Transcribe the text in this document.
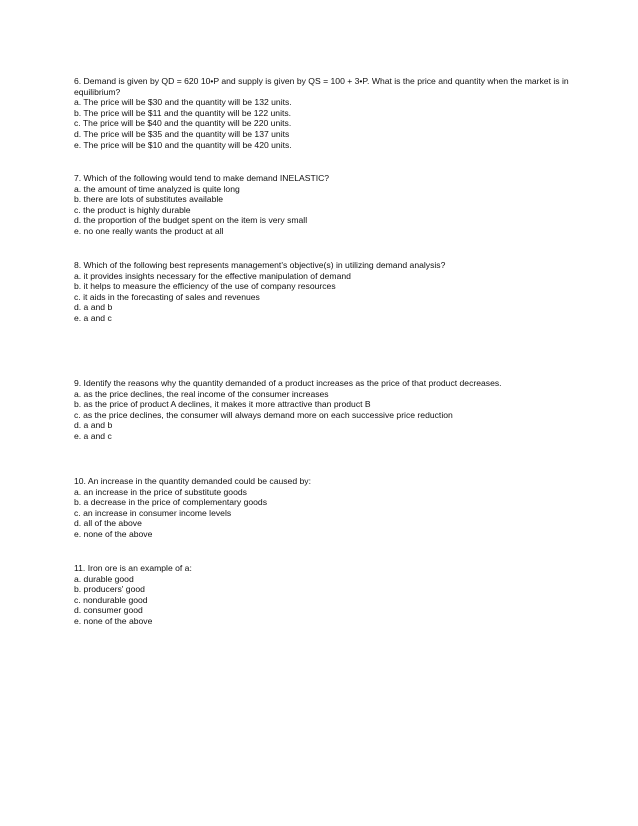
6. Demand is given by QD = 620 10•P and supply is given by QS = 100 + 3•P. What is the price and quantity when the market is in equilibrium?

a. The price will be $30 and the quantity will be 132 units.

b. The price will be $11 and the quantity will be 122 units.

c. The price will be $40 and the quantity will be 220 units.

d. The price will be $35 and the quantity will be 137 units

e. The price will be $10 and the quantity will be 420 units.

7. Which of the following would tend to make demand INELASTIC?

a. the amount of time analyzed is quite long

b. there are lots of substitutes available

c. the product is highly durable

d. the proportion of the budget spent on the item is very small

e. no one really wants the product at all

8. Which of the following best represents management's objective(s) in utilizing demand analysis?

a. it provides insights necessary for the effective manipulation of demand

b. it helps to measure the efficiency of the use of company resources

c. it aids in the forecasting of sales and revenues

d. a and b

e. a and c

9. Identify the reasons why the quantity demanded of a product increases as the price of that product decreases.

a. as the price declines, the real income of the consumer increases

b. as the price of product A declines, it makes it more attractive than product B

c. as the price declines, the consumer will always demand more on each successive price reduction

d. a and b

e. a and c

10. An increase in the quantity demanded could be caused by:

a. an increase in the price of substitute goods

b. a decrease in the price of complementary goods

c. an increase in consumer income levels

d. all of the above

e. none of the above

11. Iron ore is an example of a:

a. durable good

b. producers' good

c. nondurable good

d. consumer good

e. none of the above
